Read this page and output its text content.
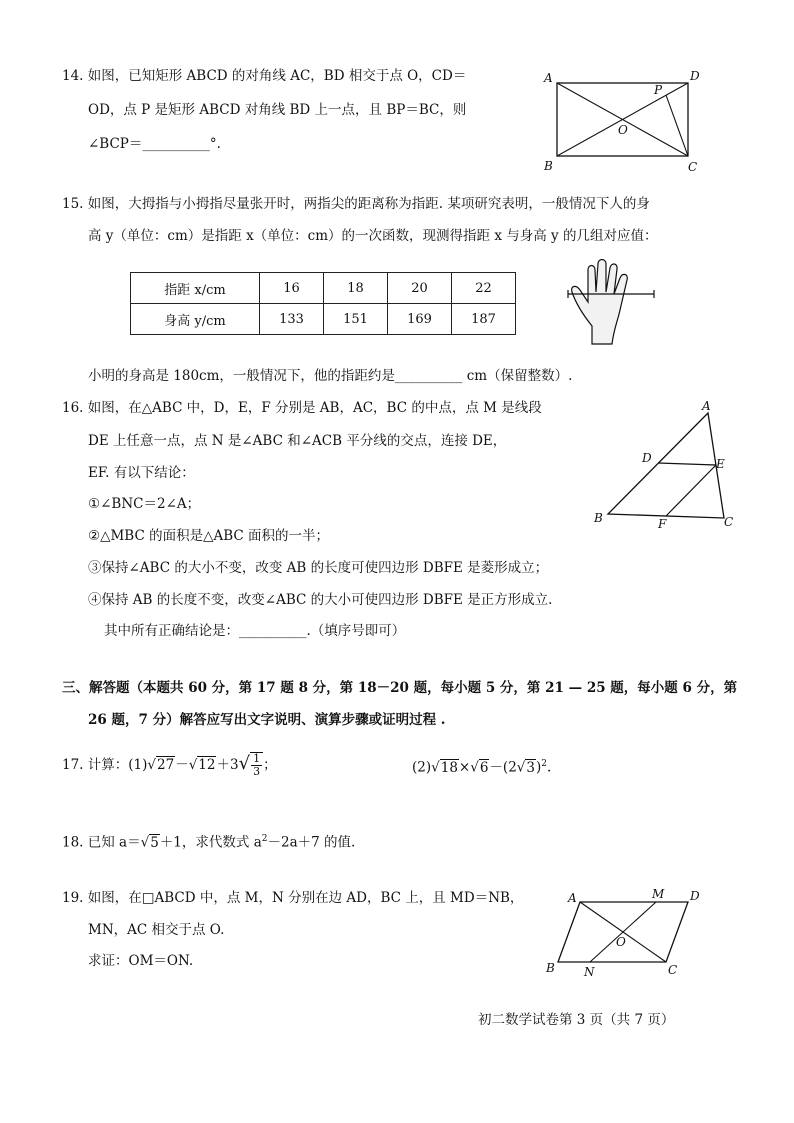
14. 如图，已知矩形 ABCD 的对角线 AC，BD 相交于点 O，CD＝
OD，点 P 是矩形 ABCD 对角线 BD 上一点，且 BP＝BC，则
∠BCP＝__________°.
A	D
B	C
O
P
15. 如图，大拇指与小拇指尽量张开时，两指尖的距离称为指距. 某项研究表明，一般情况下人的身
高 y（单位：cm）是指距 x（单位：cm）的一次函数，现测得指距 x 与身高 y 的几组对应值：
指距 x/cm	16	18	20	22
身高 y/cm	133	151	169	187
小明的身高是 180cm，一般情况下，他的指距约是__________ cm（保留整数）.
16. 如图，在△ABC 中，D，E，F 分别是 AB，AC，BC 的中点，点 M 是线段
DE 上任意一点，点 N 是∠ABC 和∠ACB 平分线的交点，连接 DE，
EF. 有以下结论：
①∠BNC＝2∠A；
②△MBC 的面积是△ABC 面积的一半；
③保持∠ABC 的大小不变，改变 AB 的长度可使四边形 DBFE 是菱形成立；
④保持 AB 的长度不变，改变∠ABC 的大小可使四边形 DBFE 是正方形成立.
其中所有正确结论是：__________.（填序号即可）
A
B	C
D	E
F
三、解答题（本题共 60 分，第 17 题 8 分，第 18－20 题，每小题 5 分，第 21 — 25 题，每小题 6 分，第
26 题，7 分）解答应写出文字说明、演算步骤或证明过程 .
17. 计算：$(1)√27-√12+3√ \frac{1}{3}$ ；	$(2)√18\times√6-(2√3)^2$.
18. 已知 a＝√5＋1，求代数式 $a^2-2a+7$ 的值.
19. 如图，在□ABCD 中，点 M，N 分别在边 AD，BC 上，且 MD＝NB，
MN，AC 相交于点 O.
求证：OM＝ON.
A	M D
B N	C
O
初二数学试卷第 3 页（共 7 页）
